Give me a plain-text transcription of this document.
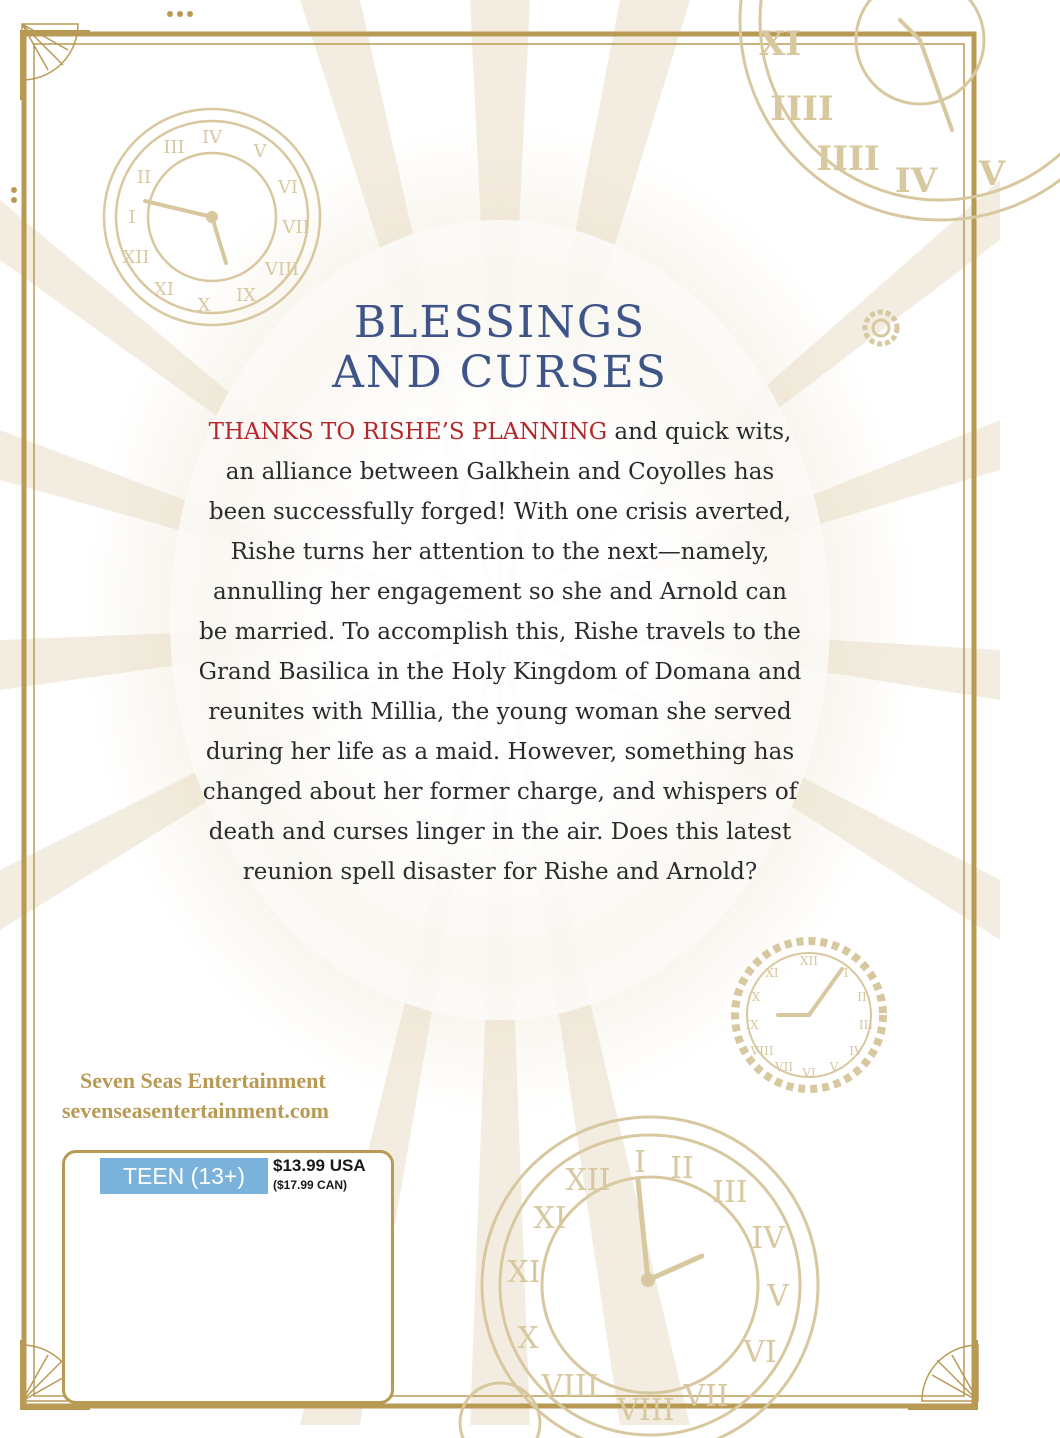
IV
V
VI
VII
VIII
IX
X
XI
XII
I
II
III
XI
IIII
IIII
IV V
XII
I
II
III
IV
V
VI
VII
VIII
IX
X
XI
I II
III
IV
V
VI
VII
VIII
VIII
X
XI
XI
XII
BLESSINGS
AND CURSES

THANKS TO RISHE’S PLANNING and quick wits,
an alliance between Galkhein and Coyolles has
been successfully forged! With one crisis averted,
Rishe turns her attention to the next—namely,
annulling her engagement so she and Arnold can
be married. To accomplish this, Rishe travels to the
Grand Basilica in the Holy Kingdom of Domana and
reunites with Millia, the young woman she served
during her life as a maid. However, something has
changed about her former charge, and whispers of
death and curses linger in the air. Does this latest
reunion spell disaster for Rishe and Arnold?

Seven Seas Entertainment
sevenseasentertainment.com
TEEN (13+)	$13.99 USA
($17.99 CAN)
